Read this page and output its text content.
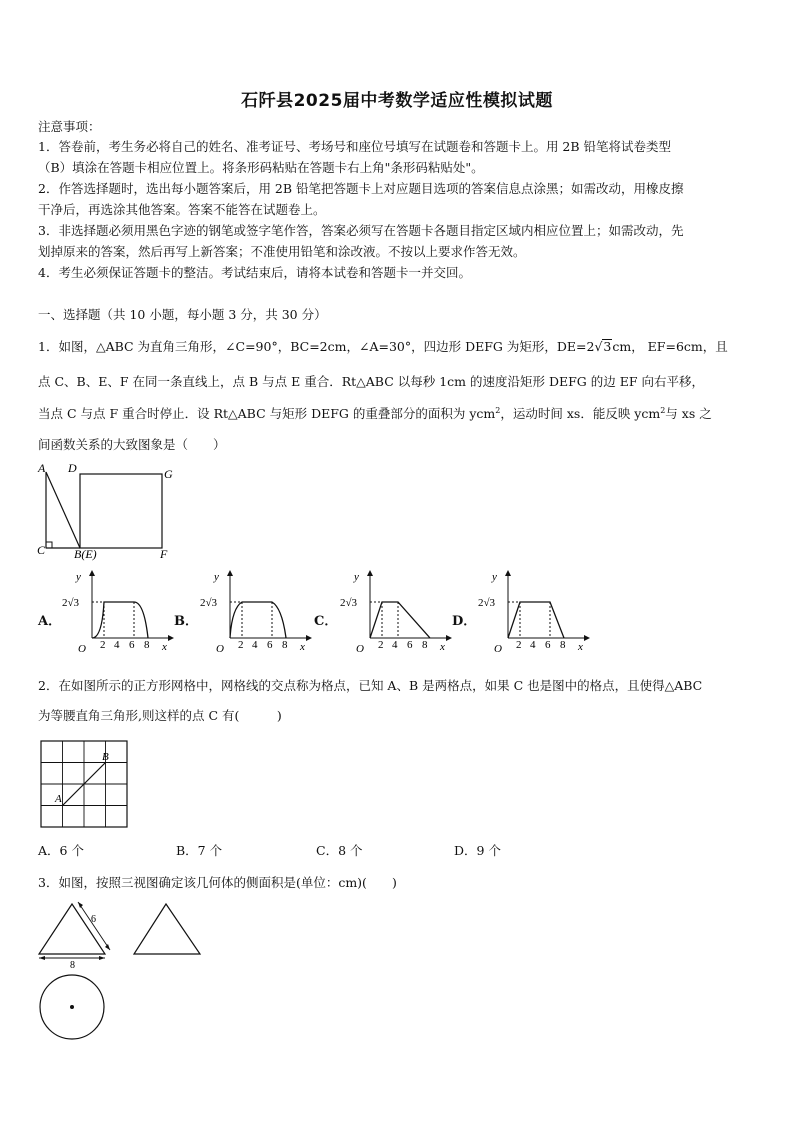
石阡县2025届中考数学适应性模拟试题
注意事项：
1．答卷前，考生务必将自己的姓名、准考证号、考场号和座位号填写在试题卷和答题卡上。用 2B 铅笔将试卷类型
（B）填涂在答题卡相应位置上。将条形码粘贴在答题卡右上角"条形码粘贴处"。
2．作答选择题时，选出每小题答案后，用 2B 铅笔把答题卡上对应题目选项的答案信息点涂黑；如需改动，用橡皮擦
干净后，再选涂其他答案。答案不能答在试题卷上。
3．非选择题必须用黑色字迹的钢笔或签字笔作答，答案必须写在答题卡各题目指定区域内相应位置上；如需改动，先
划掉原来的答案，然后再写上新答案；不准使用铅笔和涂改液。不按以上要求作答无效。
4．考生必须保证答题卡的整洁。考试结束后，请将本试卷和答题卡一并交回。
一、选择题（共 10 小题，每小题 3 分，共 30 分）
1．如图，△ABC 为直角三角形，∠C=90°，BC=2cm，∠A=30°，四边形 DEFG 为矩形，DE=2√3cm， EF=6cm，且
点 C、B、E、F 在同一条直线上，点 B 与点 E 重合．Rt△ABC 以每秒 1cm 的速度沿矩形 DEFG 的边 EF 向右平移，
当点 C 与点 F 重合时停止．设 Rt△ABC 与矩形 DEFG 的重叠部分的面积为 ycm$^2$，运动时间 xs．能反映 ycm$^2$与 xs 之
间函数关系的大致图象是（　　）
A D	G
C B(E)	F
A．	B．	C．	D．
y
x
O
2√3
2 4 6 8
y
x
O
2√3
2 4 6 8
y
x
O
2√3
2 4 6 8
y
x
O
2√3
2 4 6 8
2．在如图所示的正方形网格中，网格线的交点称为格点，已知 A、B 是两格点，如果 C 也是图中的格点，且使得△ABC
为等腰直角三角形,则这样的点 C 有(　　　)
A
B
A．6 个	B．7 个	C．8 个	D．9 个
3．如图，按照三视图确定该几何体的侧面积是(单位：cm)(　　)
6
8
